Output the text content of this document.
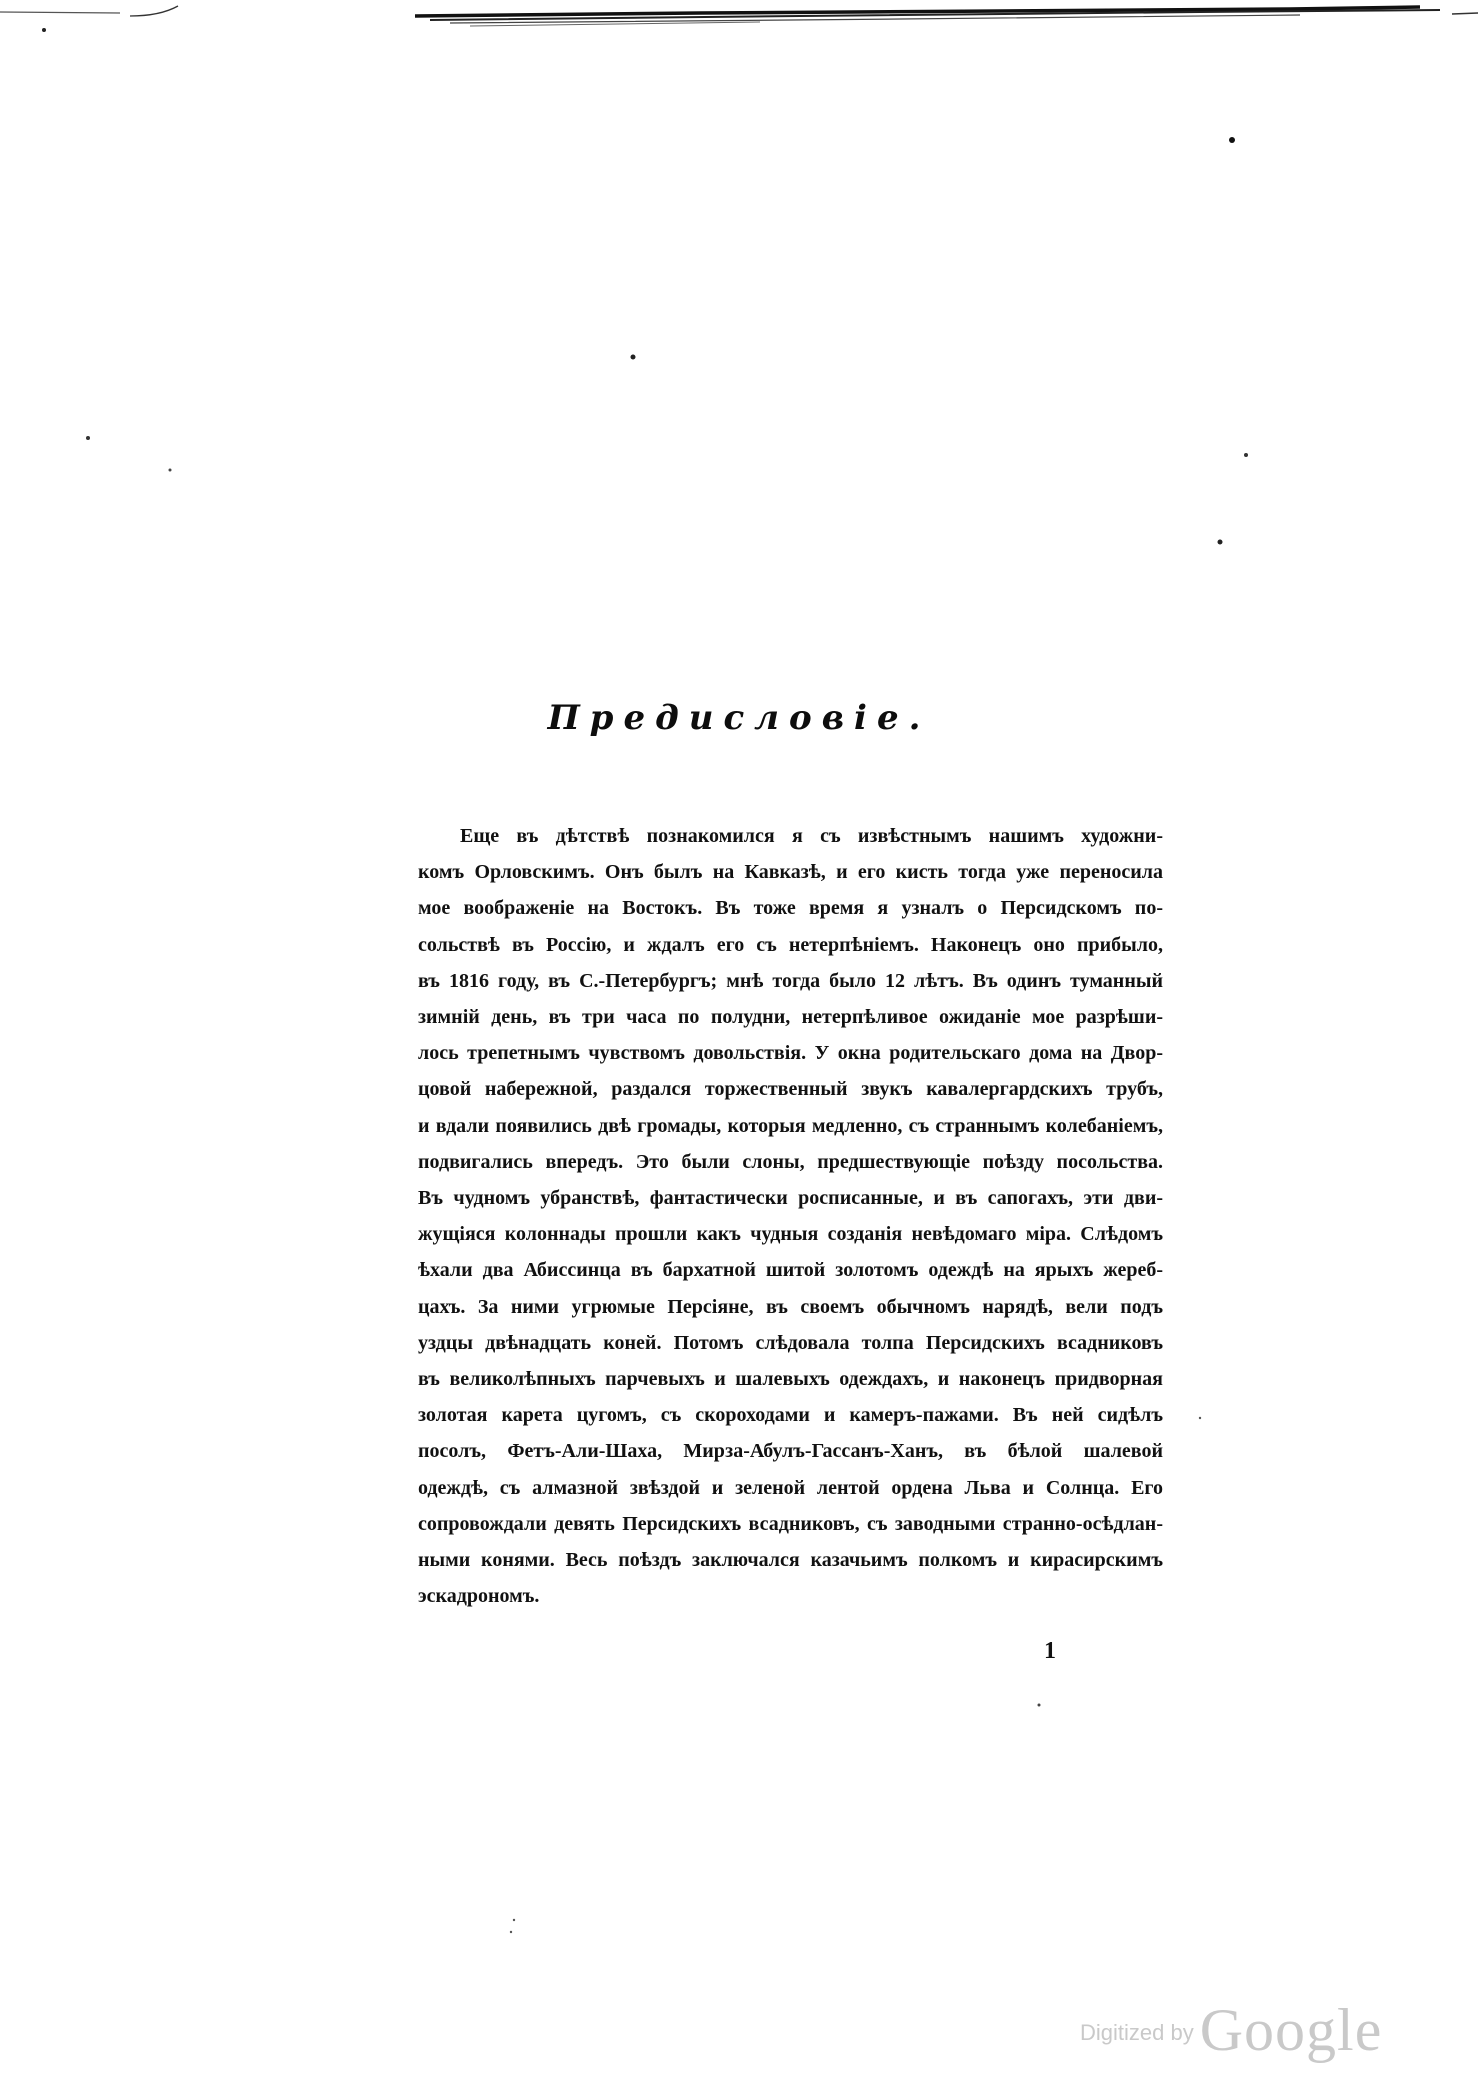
Предисловіе.
Еще въ дѣтствѣ познакомился я съ извѣстнымъ нашимъ художни-
комъ Орловскимъ. Онъ былъ на Кавказѣ, и его кисть тогда уже переносила
мое воображеніе на Востокъ. Въ тоже время я узналъ о Персидскомъ по-
сольствѣ въ Россію, и ждалъ его съ нетерпѣніемъ. Наконецъ оно прибыло,
въ 1816 году, въ С.-Петербургъ; мнѣ тогда было 12 лѣтъ. Въ одинъ туманный
зимній день, въ три часа по полудни, нетерпѣливое ожиданіе мое разрѣши-
лось трепетнымъ чувствомъ довольствія. У окна родительскаго дома на Двор-
цовой набережной, раздался торжественный звукъ кавалергардскихъ трубъ,
и вдали появились двѣ громады, которыя медленно, съ страннымъ колебаніемъ,
подвигались впередъ. Это были слоны, предшествующіе поѣзду посольства.
Въ чудномъ убранствѣ, фантастически росписанные, и въ сапогахъ, эти дви-
жущіяся колоннады прошли какъ чудныя созданія невѣдомаго міра. Слѣдомъ
ѣхали два Абиссинца въ бархатной шитой золотомъ одеждѣ на ярыхъ жереб-
цахъ. За ними угрюмые Персіяне, въ своемъ обычномъ нарядѣ, вели подъ
уздцы двѣнадцать коней. Потомъ слѣдовала толпа Персидскихъ всадниковъ
въ великолѣпныхъ парчевыхъ и шалевыхъ одеждахъ, и наконецъ придворная
золотая карета цугомъ, съ скороходами и камеръ-пажами. Въ ней сидѣлъ
посолъ, Фетъ-Али-Шаха, Мирза-Абулъ-Гассанъ-Ханъ, въ бѣлой шалевой
одеждѣ, съ алмазной звѣздой и зеленой лентой ордена Льва и Солнца. Его
сопровождали девять Персидскихъ всадниковъ, съ заводными странно-осѣдлан-
ными конями. Весь поѣздъ заключался казачьимъ полкомъ и кирасирскимъ
эскадрономъ.
1
Digitized by Google
